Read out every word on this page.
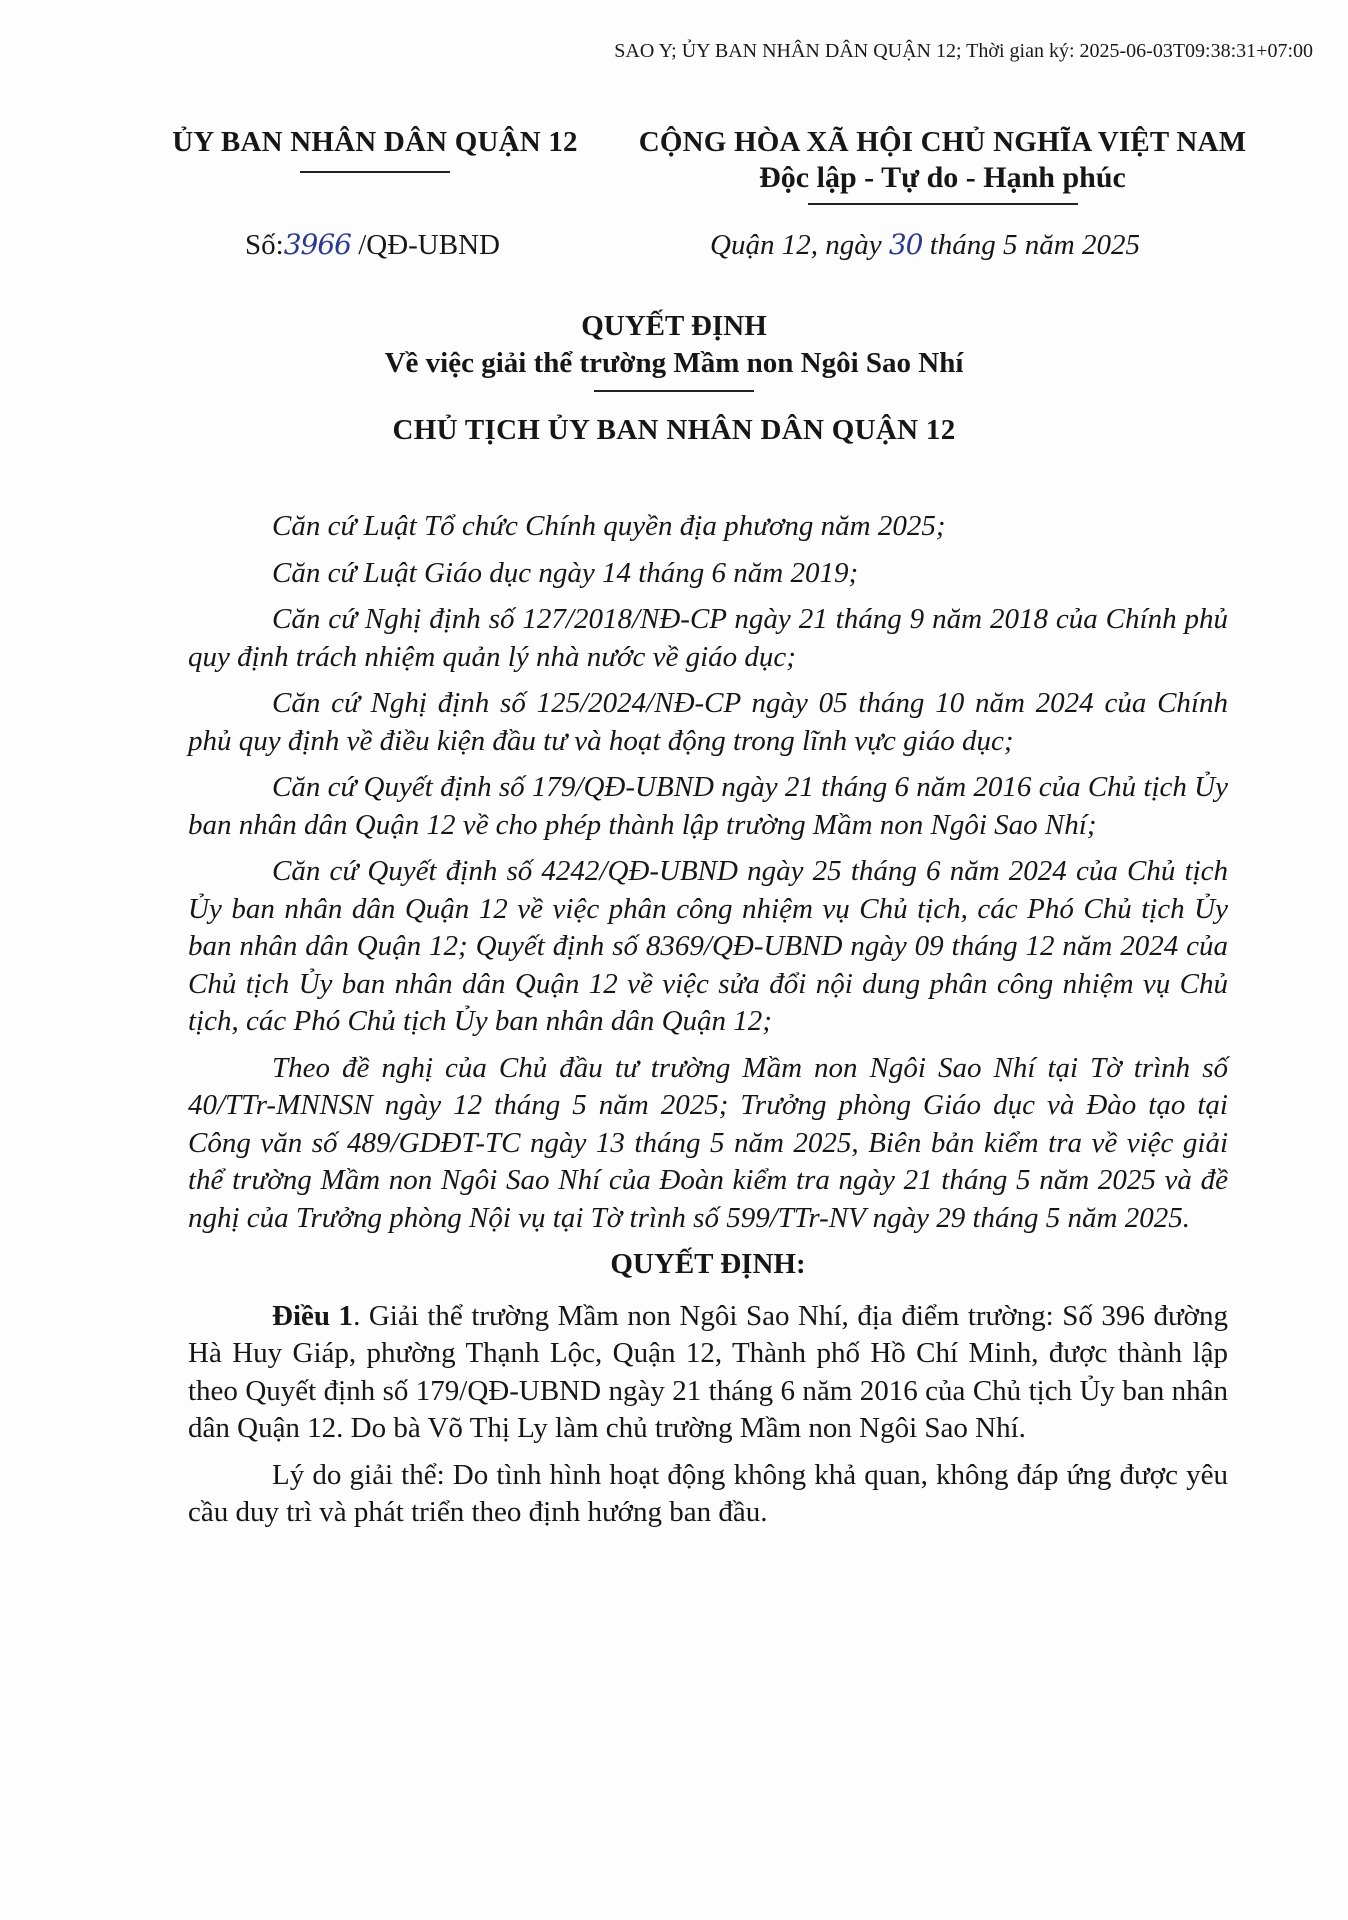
SAO Y; ỦY BAN NHÂN DÂN QUẬN 12; Thời gian ký: 2025-06-03T09:38:31+07:00
ỦY BAN NHÂN DÂN QUẬN 12	CỘNG HÒA XÃ HỘI CHỦ NGHĨA VIỆT NAM
Độc lập - Tự do - Hạnh phúc
Số:3966 /QĐ-UBND	Quận 12, ngày 30 tháng 5 năm 2025
QUYẾT ĐỊNH
Về việc giải thể trường Mầm non Ngôi Sao Nhí
CHỦ TỊCH ỦY BAN NHÂN DÂN QUẬN 12

Căn cứ Luật Tổ chức Chính quyền địa phương năm 2025;

Căn cứ Luật Giáo dục ngày 14 tháng 6 năm 2019;

Căn cứ Nghị định số 127/2018/NĐ-CP ngày 21 tháng 9 năm 2018 của Chính phủ quy định trách nhiệm quản lý nhà nước về giáo dục;

Căn cứ Nghị định số 125/2024/NĐ-CP ngày 05 tháng 10 năm 2024 của Chính phủ quy định về điều kiện đầu tư và hoạt động trong lĩnh vực giáo dục;

Căn cứ Quyết định số 179/QĐ-UBND ngày 21 tháng 6 năm 2016 của Chủ tịch Ủy ban nhân dân Quận 12 về cho phép thành lập trường Mầm non Ngôi Sao Nhí;

Căn cứ Quyết định số 4242/QĐ-UBND ngày 25 tháng 6 năm 2024 của Chủ tịch Ủy ban nhân dân Quận 12 về việc phân công nhiệm vụ Chủ tịch, các Phó Chủ tịch Ủy ban nhân dân Quận 12; Quyết định số 8369/QĐ-UBND ngày 09 tháng 12 năm 2024 của Chủ tịch Ủy ban nhân dân Quận 12 về việc sửa đổi nội dung phân công nhiệm vụ Chủ tịch, các Phó Chủ tịch Ủy ban nhân dân Quận 12;

Theo đề nghị của Chủ đầu tư trường Mầm non Ngôi Sao Nhí tại Tờ trình số 40/TTr-MNNSN ngày 12 tháng 5 năm 2025; Trưởng phòng Giáo dục và Đào tạo tại Công văn số 489/GDĐT-TC ngày 13 tháng 5 năm 2025, Biên bản kiểm tra về việc giải thể trường Mầm non Ngôi Sao Nhí của Đoàn kiểm tra ngày 21 tháng 5 năm 2025 và đề nghị của Trưởng phòng Nội vụ tại Tờ trình số 599/TTr-NV ngày 29 tháng 5 năm 2025.

QUYẾT ĐỊNH:

Điều 1. Giải thể trường Mầm non Ngôi Sao Nhí, địa điểm trường: Số 396 đường Hà Huy Giáp, phường Thạnh Lộc, Quận 12, Thành phố Hồ Chí Minh, được thành lập theo Quyết định số 179/QĐ-UBND ngày 21 tháng 6 năm 2016 của Chủ tịch Ủy ban nhân dân Quận 12. Do bà Võ Thị Ly làm chủ trường Mầm non Ngôi Sao Nhí.

Lý do giải thể: Do tình hình hoạt động không khả quan, không đáp ứng được yêu cầu duy trì và phát triển theo định hướng ban đầu.
